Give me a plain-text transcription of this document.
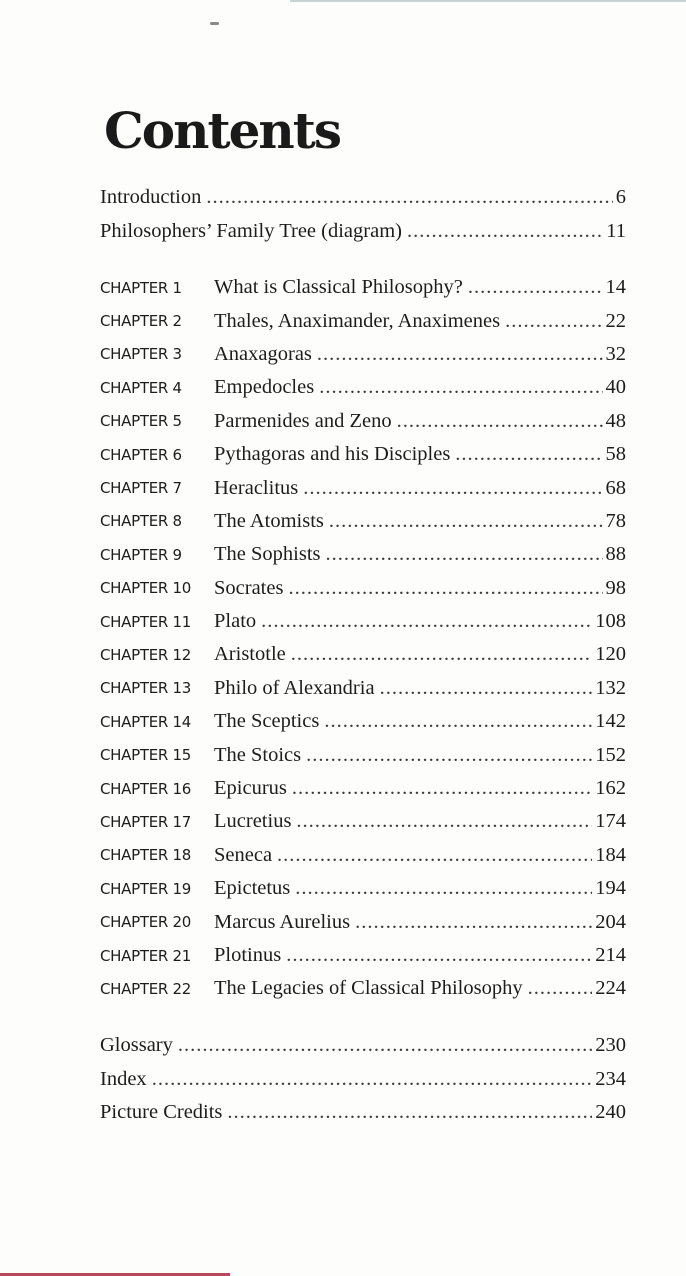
Contents
Introduction .....	6
Philosophers’ Family Tree (diagram) .....	11
CHAPTER 1	What is Classical Philosophy? .....	14
CHAPTER 2	Thales, Anaximander, Anaximenes .....	22
CHAPTER 3	Anaxagoras .....	32
CHAPTER 4	Empedocles .....	40
CHAPTER 5	Parmenides and Zeno .....	48
CHAPTER 6	Pythagoras and his Disciples .....	58
CHAPTER 7	Heraclitus .....	68
CHAPTER 8	The Atomists .....	78
CHAPTER 9	The Sophists .....	88
CHAPTER 10	Socrates .....	98
CHAPTER 11	Plato .....	108
CHAPTER 12	Aristotle .....	120
CHAPTER 13	Philo of Alexandria .....	132
CHAPTER 14	The Sceptics .....	142
CHAPTER 15	The Stoics .....	152
CHAPTER 16	Epicurus .....	162
CHAPTER 17	Lucretius .....	174
CHAPTER 18	Seneca .....	184
CHAPTER 19	Epictetus .....	194
CHAPTER 20	Marcus Aurelius .....	204
CHAPTER 21	Plotinus .....	214
CHAPTER 22	The Legacies of Classical Philosophy .....	224
Glossary .....	230
Index .....	234
Picture Credits .....	240
